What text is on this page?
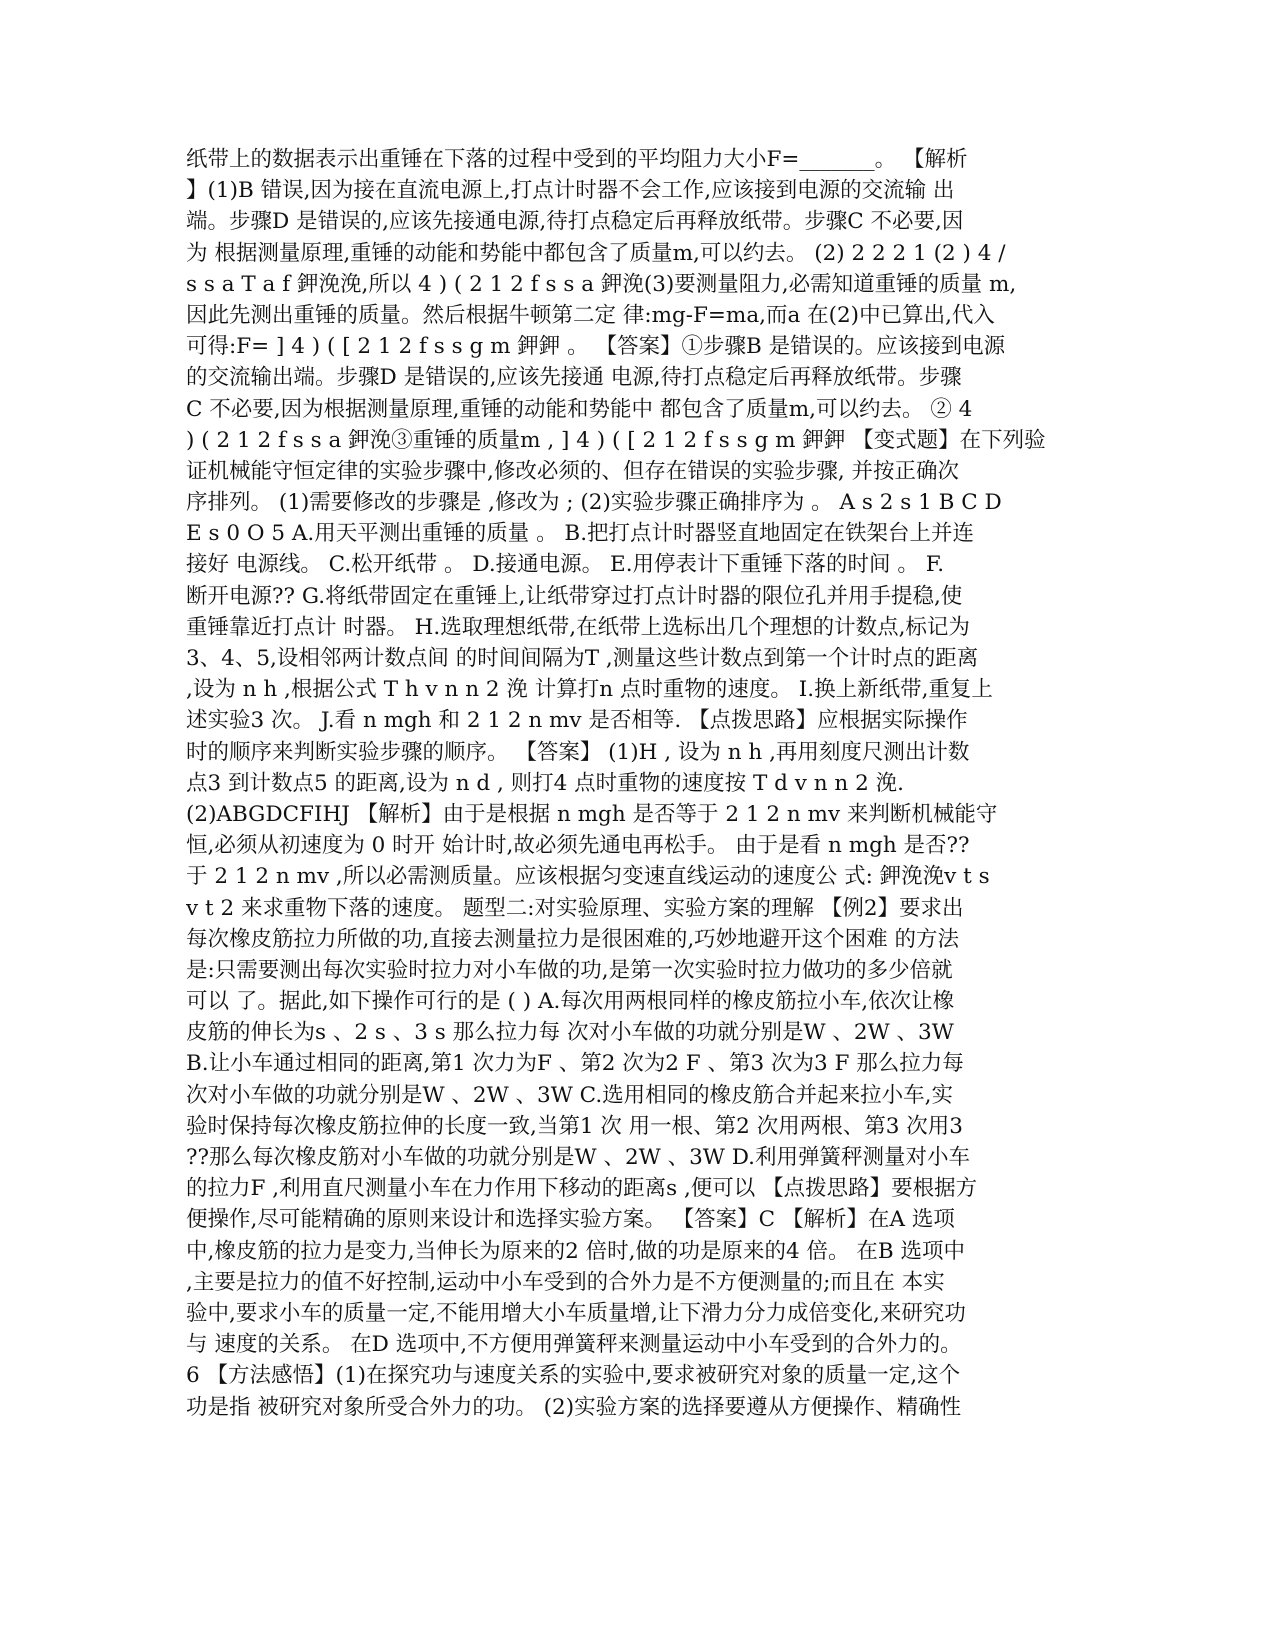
纸带上的数据表示出重锤在下落的过程中受到的平均阻力大小F=_______。 【解析
】(1)B 错误,因为接在直流电源上,打点计时器不会工作,应该接到电源的交流输 出
端。步骤D 是错误的,应该先接通电源,待打点稳定后再释放纸带。步骤C 不必要,因
为 根据测量原理,重锤的动能和势能中都包含了质量m,可以约去。 (2) 2 2 2 1 (2 ) 4 /
s s a T a f 鉀浼浼,所以 4 ) ( 2 1 2 f s s a 鉀浼(3)要测量阻力,必需知道重锤的质量 m,
因此先测出重锤的质量。然后根据牛顿第二定 律:mg-F=ma,而a 在(2)中已算出,代入
可得:F= ] 4 ) ( [ 2 1 2 f s s g m 鉀鉀 。 【答案】①步骤B 是错误的。应该接到电源
的交流输出端。步骤D 是错误的,应该先接通 电源,待打点稳定后再释放纸带。步骤
C 不必要,因为根据测量原理,重锤的动能和势能中 都包含了质量m,可以约去。 ② 4
) ( 2 1 2 f s s a 鉀浼③重锤的质量m , ] 4 ) ( [ 2 1 2 f s s g m 鉀鉀 【变式题】在下列验
证机械能守恒定律的实验步骤中,修改必须的、但存在错误的实验步骤, 并按正确次
序排列。 (1)需要修改的步骤是 ,修改为 ; (2)实验步骤正确排序为 。 A s 2 s 1 B C D
E s 0 O 5 A.用天平测出重锤的质量 。 B.把打点计时器竖直地固定在铁架台上并连
接好 电源线。 C.松开纸带 。 D.接通电源。 E.用停表计下重锤下落的时间 。 F.
断开电源?? G.将纸带固定在重锤上,让纸带穿过打点计时器的限位孔并用手提稳,使
重锤靠近打点计 时器。 H.选取理想纸带,在纸带上选标出几个理想的计数点,标记为
3、4、5,设相邻两计数点间 的时间间隔为T ,测量这些计数点到第一个计时点的距离
,设为 n h ,根据公式 T h v n n 2 浼 计算打n 点时重物的速度。 I.换上新纸带,重复上
述实验3 次。 J.看 n mgh 和 2 1 2 n mv 是否相等. 【点拨思路】应根据实际操作
时的顺序来判断实验步骤的顺序。 【答案】 (1)H , 设为 n h ,再用刻度尺测出计数
点3 到计数点5 的距离,设为 n d , 则打4 点时重物的速度按 T d v n n 2 浼.
(2)ABGDCFIHJ 【解析】由于是根据 n mgh 是否等于 2 1 2 n mv 来判断机械能守
恒,必须从初速度为 0 时开 始计时,故必须先通电再松手。 由于是看 n mgh 是否??
于 2 1 2 n mv ,所以必需测质量。应该根据匀变速直线运动的速度公 式: 鉀浼浼v t s
v t 2 来求重物下落的速度。 题型二:对实验原理、实验方案的理解 【例2】要求出
每次橡皮筋拉力所做的功,直接去测量拉力是很困难的,巧妙地避开这个困难 的方法
是:只需要测出每次实验时拉力对小车做的功,是第一次实验时拉力做功的多少倍就
可以 了。据此,如下操作可行的是 ( ) A.每次用两根同样的橡皮筋拉小车,依次让橡
皮筋的伸长为s 、2 s 、3 s 那么拉力每 次对小车做的功就分别是W 、2W 、3W
B.让小车通过相同的距离,第1 次力为F 、第2 次为2 F 、第3 次为3 F 那么拉力每
次对小车做的功就分别是W 、2W 、3W C.选用相同的橡皮筋合并起来拉小车,实
验时保持每次橡皮筋拉伸的长度一致,当第1 次 用一根、第2 次用两根、第3 次用3
??那么每次橡皮筋对小车做的功就分别是W 、2W 、3W D.利用弹簧秤测量对小车
的拉力F ,利用直尺测量小车在力作用下移动的距离s ,便可以 【点拨思路】要根据方
便操作,尽可能精确的原则来设计和选择实验方案。 【答案】C 【解析】在A 选项
中,橡皮筋的拉力是变力,当伸长为原来的2 倍时,做的功是原来的4 倍。 在B 选项中
,主要是拉力的值不好控制,运动中小车受到的合外力是不方便测量的;而且在 本实
验中,要求小车的质量一定,不能用增大小车质量增,让下滑力分力成倍变化,来研究功
与 速度的关系。 在D 选项中,不方便用弹簧秤来测量运动中小车受到的合外力的。
6 【方法感悟】(1)在探究功与速度关系的实验中,要求被研究对象的质量一定,这个
功是指 被研究对象所受合外力的功。 (2)实验方案的选择要遵从方便操作、精确性
